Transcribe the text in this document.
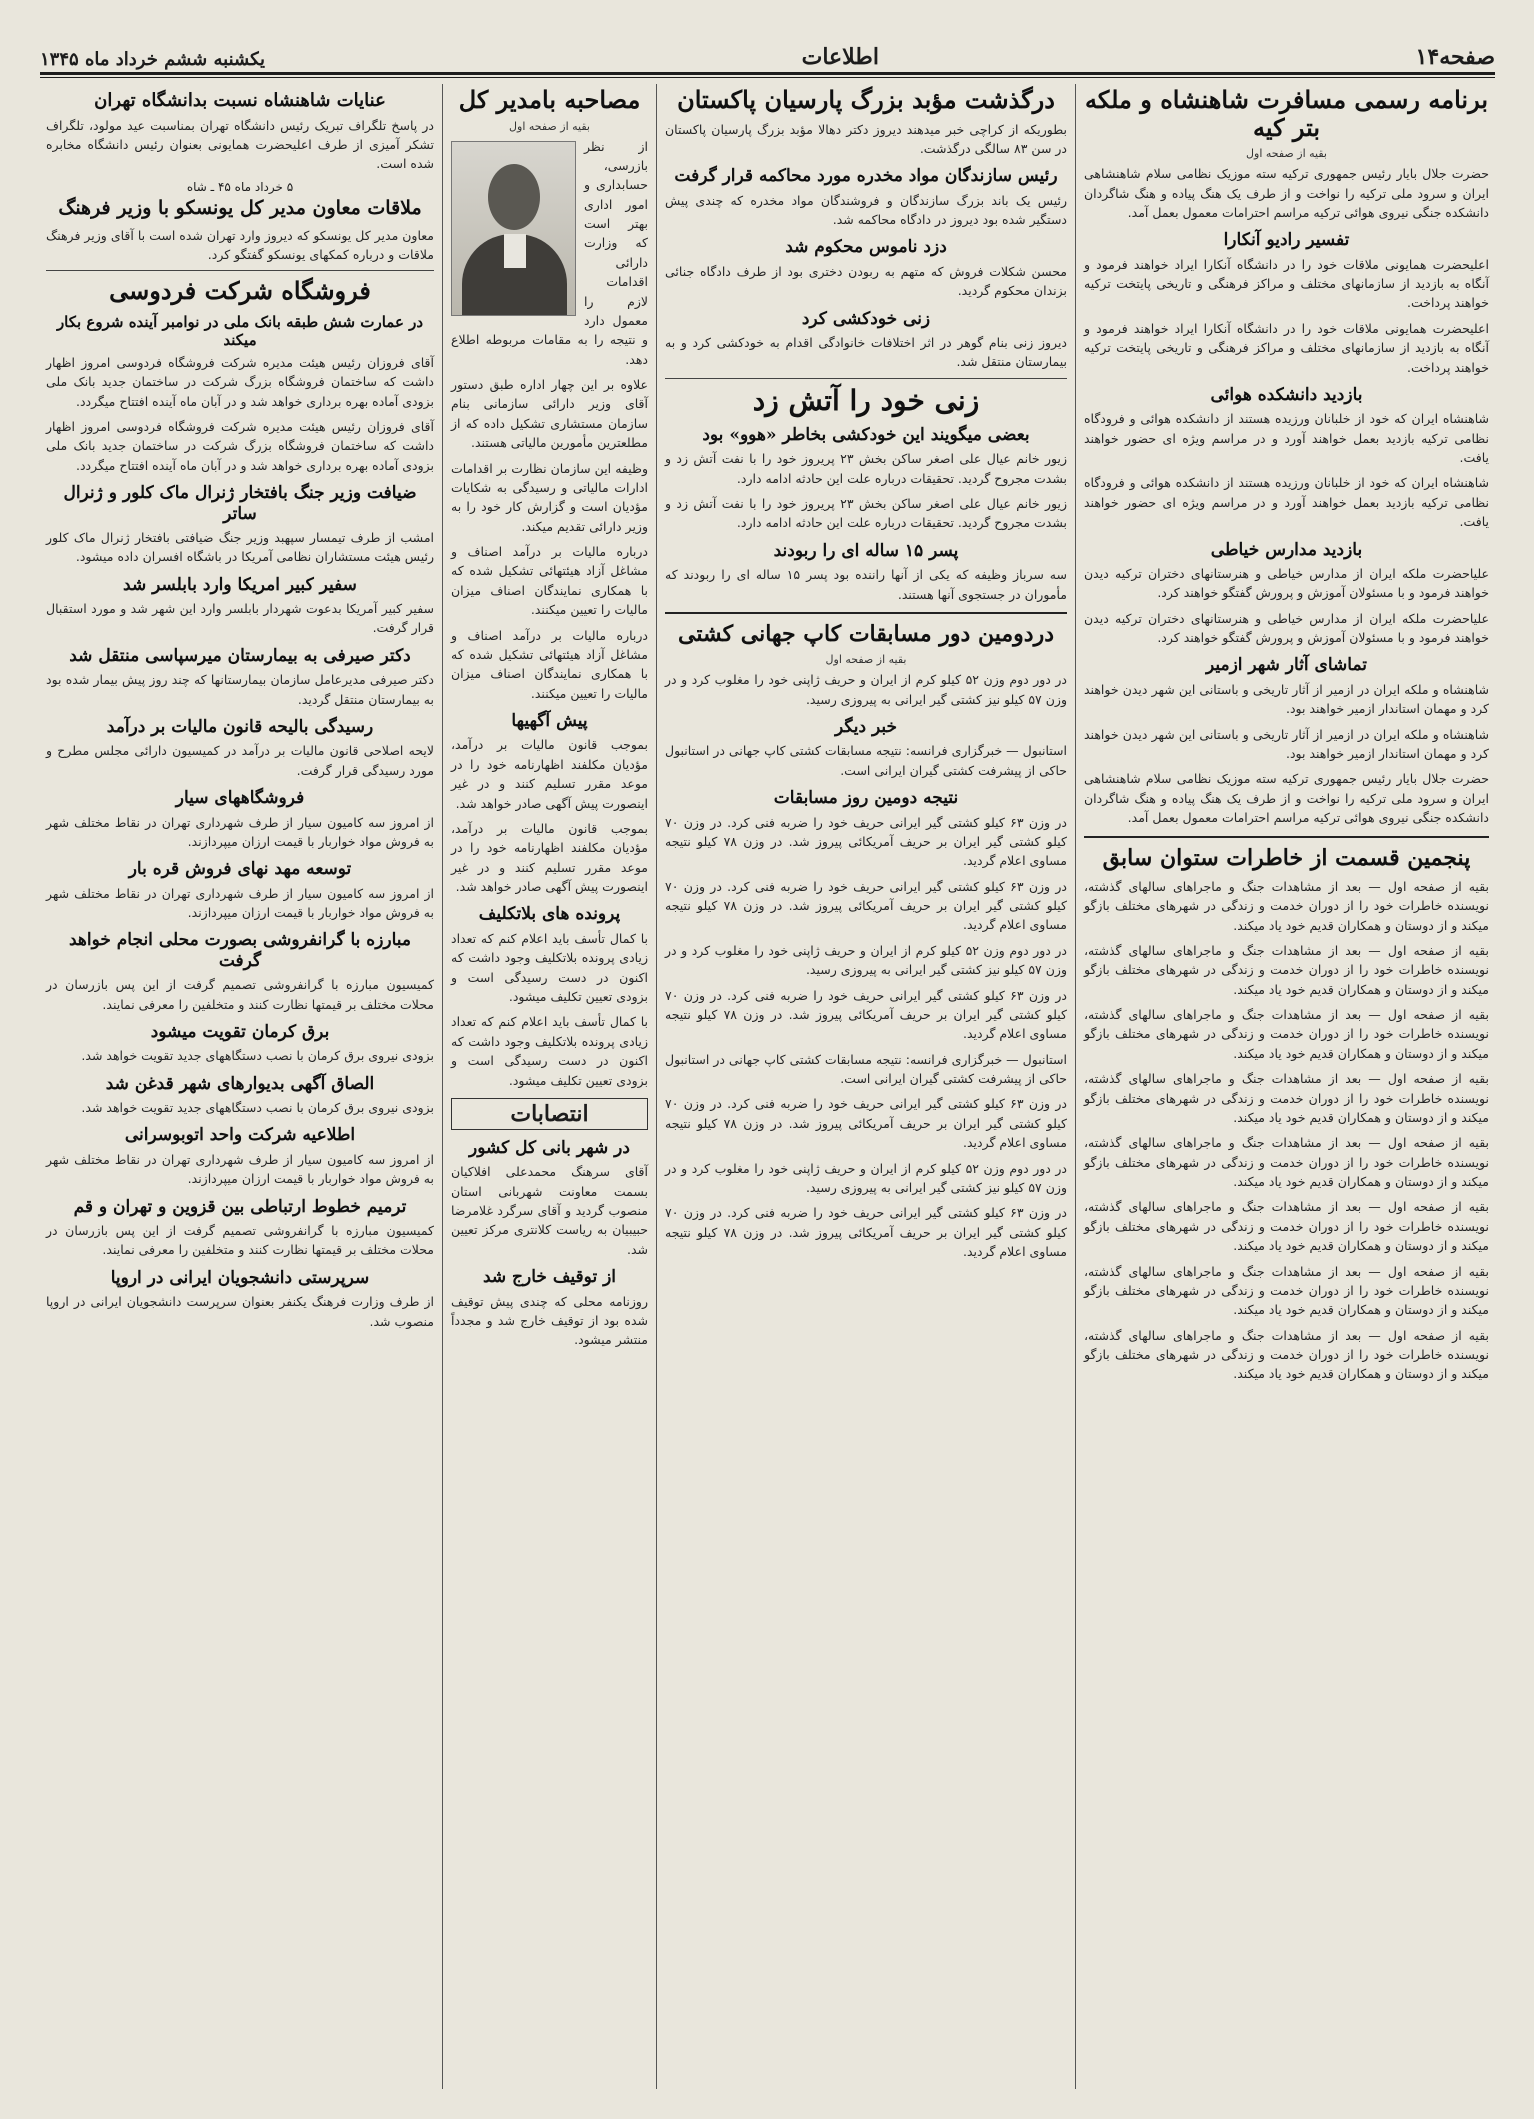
صفحه۱۴
اطلاعات
یکشنبه ششم خرداد ماه ۱۳۴۵
برنامه رسمی مسافرت شاهنشاه و ملکه بتر کیه
بقیه از صفحه اول

حضرت جلال بایار رئیس جمهوری ترکیه سته موزیک نظامی سلام شاهنشاهی ایران و سرود ملی ترکیه را نواخت و از طرف یک هنگ پیاده و هنگ شاگردان دانشکده جنگی نیروی هوائی ترکیه مراسم احترامات معمول بعمل آمد.

تفسیر رادیو آنکارا

اعلیحضرت همایونی ملاقات خود را در دانشگاه آنکارا ایراد خواهند فرمود و آنگاه به بازدید از سازمانهای مختلف و مراکز فرهنگی و تاریخی پایتخت ترکیه خواهند پرداخت.

اعلیحضرت همایونی ملاقات خود را در دانشگاه آنکارا ایراد خواهند فرمود و آنگاه به بازدید از سازمانهای مختلف و مراکز فرهنگی و تاریخی پایتخت ترکیه خواهند پرداخت.

بازدید دانشکده هوائی

شاهنشاه ایران که خود از خلبانان ورزیده هستند از دانشکده هوائی و فرودگاه نظامی ترکیه بازدید بعمل خواهند آورد و در مراسم ویژه ای حضور خواهند یافت.

شاهنشاه ایران که خود از خلبانان ورزیده هستند از دانشکده هوائی و فرودگاه نظامی ترکیه بازدید بعمل خواهند آورد و در مراسم ویژه ای حضور خواهند یافت.

بازدید مدارس خیاطی

علیاحضرت ملکه ایران از مدارس خیاطی و هنرستانهای دختران ترکیه دیدن خواهند فرمود و با مسئولان آموزش و پرورش گفتگو خواهند کرد.

علیاحضرت ملکه ایران از مدارس خیاطی و هنرستانهای دختران ترکیه دیدن خواهند فرمود و با مسئولان آموزش و پرورش گفتگو خواهند کرد.

تماشای آثار شهر ازمیر

شاهنشاه و ملکه ایران در ازمیر از آثار تاریخی و باستانی این شهر دیدن خواهند کرد و مهمان استاندار ازمیر خواهند بود.

شاهنشاه و ملکه ایران در ازمیر از آثار تاریخی و باستانی این شهر دیدن خواهند کرد و مهمان استاندار ازمیر خواهند بود.

حضرت جلال بایار رئیس جمهوری ترکیه سته موزیک نظامی سلام شاهنشاهی ایران و سرود ملی ترکیه را نواخت و از طرف یک هنگ پیاده و هنگ شاگردان دانشکده جنگی نیروی هوائی ترکیه مراسم احترامات معمول بعمل آمد.

پنجمین قسمت از خاطرات ستوان سابق

بقیه از صفحه اول — بعد از مشاهدات جنگ و ماجراهای سالهای گذشته، نویسنده خاطرات خود را از دوران خدمت و زندگی در شهرهای مختلف بازگو میکند و از دوستان و همکاران قدیم خود یاد میکند.

بقیه از صفحه اول — بعد از مشاهدات جنگ و ماجراهای سالهای گذشته، نویسنده خاطرات خود را از دوران خدمت و زندگی در شهرهای مختلف بازگو میکند و از دوستان و همکاران قدیم خود یاد میکند.

بقیه از صفحه اول — بعد از مشاهدات جنگ و ماجراهای سالهای گذشته، نویسنده خاطرات خود را از دوران خدمت و زندگی در شهرهای مختلف بازگو میکند و از دوستان و همکاران قدیم خود یاد میکند.

بقیه از صفحه اول — بعد از مشاهدات جنگ و ماجراهای سالهای گذشته، نویسنده خاطرات خود را از دوران خدمت و زندگی در شهرهای مختلف بازگو میکند و از دوستان و همکاران قدیم خود یاد میکند.

بقیه از صفحه اول — بعد از مشاهدات جنگ و ماجراهای سالهای گذشته، نویسنده خاطرات خود را از دوران خدمت و زندگی در شهرهای مختلف بازگو میکند و از دوستان و همکاران قدیم خود یاد میکند.

بقیه از صفحه اول — بعد از مشاهدات جنگ و ماجراهای سالهای گذشته، نویسنده خاطرات خود را از دوران خدمت و زندگی در شهرهای مختلف بازگو میکند و از دوستان و همکاران قدیم خود یاد میکند.

بقیه از صفحه اول — بعد از مشاهدات جنگ و ماجراهای سالهای گذشته، نویسنده خاطرات خود را از دوران خدمت و زندگی در شهرهای مختلف بازگو میکند و از دوستان و همکاران قدیم خود یاد میکند.

بقیه از صفحه اول — بعد از مشاهدات جنگ و ماجراهای سالهای گذشته، نویسنده خاطرات خود را از دوران خدمت و زندگی در شهرهای مختلف بازگو میکند و از دوستان و همکاران قدیم خود یاد میکند.

درگذشت مؤبد بزرگ پارسیان پاکستان

بطوریکه از کراچی خبر میدهند دیروز دکتر دهالا مؤبد بزرگ پارسیان پاکستان در سن ۸۳ سالگی درگذشت.

رئیس سازندگان مواد مخدره مورد محاکمه قرار گرفت

رئیس یک باند بزرگ سازندگان و فروشندگان مواد مخدره که چندی پیش دستگیر شده بود دیروز در دادگاه محاکمه شد.

دزد ناموس محکوم شد

محسن شکلات فروش که متهم به ربودن دختری بود از طرف دادگاه جنائی بزندان محکوم گردید.

زنی خودکشی کرد

دیروز زنی بنام گوهر در اثر اختلافات خانوادگی اقدام به خودکشی کرد و به بیمارستان منتقل شد.

زنی خود را آتش زد
بعضی میگویند این خودکشی بخاطر «هوو» بود

زیور خانم عیال علی اصغر ساکن بخش ۲۳ پریروز خود را با نفت آتش زد و بشدت مجروح گردید. تحقیقات درباره علت این حادثه ادامه دارد.

زیور خانم عیال علی اصغر ساکن بخش ۲۳ پریروز خود را با نفت آتش زد و بشدت مجروح گردید. تحقیقات درباره علت این حادثه ادامه دارد.

پسر ۱۵ ساله ای را ربودند

سه سرباز وظیفه که یکی از آنها راننده بود پسر ۱۵ ساله ای را ربودند که مأموران در جستجوی آنها هستند.

دردومین دور مسابقات کاپ جهانی کشتی
بقیه از صفحه اول

در دور دوم وزن ۵۲ کیلو کرم از ایران و حریف ژاپنی خود را مغلوب کرد و در وزن ۵۷ کیلو نیز کشتی گیر ایرانی به پیروزی رسید.

خبر دیگر

استانبول — خبرگزاری فرانسه: نتیجه مسابقات کشتی کاپ جهانی در استانبول حاکی از پیشرفت کشتی گیران ایرانی است.

نتیجه دومین روز مسابقات

در وزن ۶۳ کیلو کشتی گیر ایرانی حریف خود را ضربه فنی کرد. در وزن ۷۰ کیلو کشتی گیر ایران بر حریف آمریکائی پیروز شد. در وزن ۷۸ کیلو نتیجه مساوی اعلام گردید.

در وزن ۶۳ کیلو کشتی گیر ایرانی حریف خود را ضربه فنی کرد. در وزن ۷۰ کیلو کشتی گیر ایران بر حریف آمریکائی پیروز شد. در وزن ۷۸ کیلو نتیجه مساوی اعلام گردید.

در دور دوم وزن ۵۲ کیلو کرم از ایران و حریف ژاپنی خود را مغلوب کرد و در وزن ۵۷ کیلو نیز کشتی گیر ایرانی به پیروزی رسید.

در وزن ۶۳ کیلو کشتی گیر ایرانی حریف خود را ضربه فنی کرد. در وزن ۷۰ کیلو کشتی گیر ایران بر حریف آمریکائی پیروز شد. در وزن ۷۸ کیلو نتیجه مساوی اعلام گردید.

استانبول — خبرگزاری فرانسه: نتیجه مسابقات کشتی کاپ جهانی در استانبول حاکی از پیشرفت کشتی گیران ایرانی است.

در وزن ۶۳ کیلو کشتی گیر ایرانی حریف خود را ضربه فنی کرد. در وزن ۷۰ کیلو کشتی گیر ایران بر حریف آمریکائی پیروز شد. در وزن ۷۸ کیلو نتیجه مساوی اعلام گردید.

در دور دوم وزن ۵۲ کیلو کرم از ایران و حریف ژاپنی خود را مغلوب کرد و در وزن ۵۷ کیلو نیز کشتی گیر ایرانی به پیروزی رسید.

در وزن ۶۳ کیلو کشتی گیر ایرانی حریف خود را ضربه فنی کرد. در وزن ۷۰ کیلو کشتی گیر ایران بر حریف آمریکائی پیروز شد. در وزن ۷۸ کیلو نتیجه مساوی اعلام گردید.

مصاحبه بامدیر کل
بقیه از صفحه اول

از نظر بازرسی، حسابداری و امور اداری بهتر است که وزارت دارائی اقدامات لازم را معمول دارد و نتیجه را به مقامات مربوطه اطلاع دهد.

علاوه بر این چهار اداره طبق دستور آقای وزیر دارائی سازمانی بنام سازمان مستشاری تشکیل داده که از مطلعترین مأمورین مالیاتی هستند.

وظیفه این سازمان نظارت بر اقدامات ادارات مالیاتی و رسیدگی به شکایات مؤدیان است و گزارش کار خود را به وزیر دارائی تقدیم میکند.

درباره مالیات بر درآمد اصناف و مشاغل آزاد هیئتهائی تشکیل شده که با همکاری نمایندگان اصناف میزان مالیات را تعیین میکنند.

درباره مالیات بر درآمد اصناف و مشاغل آزاد هیئتهائی تشکیل شده که با همکاری نمایندگان اصناف میزان مالیات را تعیین میکنند.

پیش آگهیها

بموجب قانون مالیات بر درآمد، مؤدیان مکلفند اظهارنامه خود را در موعد مقرر تسلیم کنند و در غیر اینصورت پیش آگهی صادر خواهد شد.

بموجب قانون مالیات بر درآمد، مؤدیان مکلفند اظهارنامه خود را در موعد مقرر تسلیم کنند و در غیر اینصورت پیش آگهی صادر خواهد شد.

پرونده های بلاتکلیف

با کمال تأسف باید اعلام کنم که تعداد زیادی پرونده بلاتکلیف وجود داشت که اکنون در دست رسیدگی است و بزودی تعیین تکلیف میشود.

با کمال تأسف باید اعلام کنم که تعداد زیادی پرونده بلاتکلیف وجود داشت که اکنون در دست رسیدگی است و بزودی تعیین تکلیف میشود.

انتصابات
در شهر بانی کل کشور

آقای سرهنگ محمدعلی افلاکیان بسمت معاونت شهربانی استان منصوب گردید و آقای سرگرد غلامرضا حبیبیان به ریاست کلانتری مرکز تعیین شد.

از توقیف خارج شد

روزنامه محلی که چندی پیش توقیف شده بود از توقیف خارج شد و مجدداً منتشر میشود.

عنایات شاهنشاه نسبت بدانشگاه تهران

در پاسخ تلگراف تبریک رئیس دانشگاه تهران بمناسبت عید مولود، تلگراف تشکر آمیزی از طرف اعلیحضرت همایونی بعنوان رئیس دانشگاه مخابره شده است.

۵ خرداد ماه ۴۵ ـ شاه
ملاقات معاون مدیر کل یونسکو با وزیر فرهنگ

معاون مدیر کل یونسکو که دیروز وارد تهران شده است با آقای وزیر فرهنگ ملاقات و درباره کمکهای یونسکو گفتگو کرد.

فروشگاه شرکت فردوسی
در عمارت شش طبقه بانک ملی در نوامبر آینده شروع بکار میکند

آقای فروزان رئیس هیئت مدیره شرکت فروشگاه فردوسی امروز اظهار داشت که ساختمان فروشگاه بزرگ شرکت در ساختمان جدید بانک ملی بزودی آماده بهره برداری خواهد شد و در آبان ماه آینده افتتاح میگردد.

آقای فروزان رئیس هیئت مدیره شرکت فروشگاه فردوسی امروز اظهار داشت که ساختمان فروشگاه بزرگ شرکت در ساختمان جدید بانک ملی بزودی آماده بهره برداری خواهد شد و در آبان ماه آینده افتتاح میگردد.

ضیافت وزیر جنگ بافتخار ژنرال ماک کلور و ژنرال ساتر

امشب از طرف تیمسار سپهبد وزیر جنگ ضیافتی بافتخار ژنرال ماک کلور رئیس هیئت مستشاران نظامی آمریکا در باشگاه افسران داده میشود.

سفیر کبیر امریکا وارد بابلسر شد

سفیر کبیر آمریکا بدعوت شهردار بابلسر وارد این شهر شد و مورد استقبال قرار گرفت.

دکتر صیرفی به بیمارستان میرسپاسی منتقل شد

دکتر صیرفی مدیرعامل سازمان بیمارستانها که چند روز پیش بیمار شده بود به بیمارستان منتقل گردید.

رسیدگی بالیحه قانون مالیات بر درآمد

لایحه اصلاحی قانون مالیات بر درآمد در کمیسیون دارائی مجلس مطرح و مورد رسیدگی قرار گرفت.

فروشگاههای سیار

از امروز سه کامیون سیار از طرف شهرداری تهران در نقاط مختلف شهر به فروش مواد خواربار با قیمت ارزان میپردازند.

توسعه مهد نهای فروش قره بار

از امروز سه کامیون سیار از طرف شهرداری تهران در نقاط مختلف شهر به فروش مواد خواربار با قیمت ارزان میپردازند.

مبارزه با گرانفروشی بصورت محلی انجام خواهد گرفت

کمیسیون مبارزه با گرانفروشی تصمیم گرفت از این پس بازرسان در محلات مختلف بر قیمتها نظارت کنند و متخلفین را معرفی نمایند.

برق کرمان تقویت میشود

بزودی نیروی برق کرمان با نصب دستگاههای جدید تقویت خواهد شد.

الصاق آگهی بدیوارهای شهر قدغن شد

بزودی نیروی برق کرمان با نصب دستگاههای جدید تقویت خواهد شد.

اطلاعیه شرکت واحد اتوبوسرانی

از امروز سه کامیون سیار از طرف شهرداری تهران در نقاط مختلف شهر به فروش مواد خواربار با قیمت ارزان میپردازند.

ترمیم خطوط ارتباطی بین قزوین و تهران و قم

کمیسیون مبارزه با گرانفروشی تصمیم گرفت از این پس بازرسان در محلات مختلف بر قیمتها نظارت کنند و متخلفین را معرفی نمایند.

سرپرستی دانشجویان ایرانی در اروپا

از طرف وزارت فرهنگ یکنفر بعنوان سرپرست دانشجویان ایرانی در اروپا منصوب شد.
